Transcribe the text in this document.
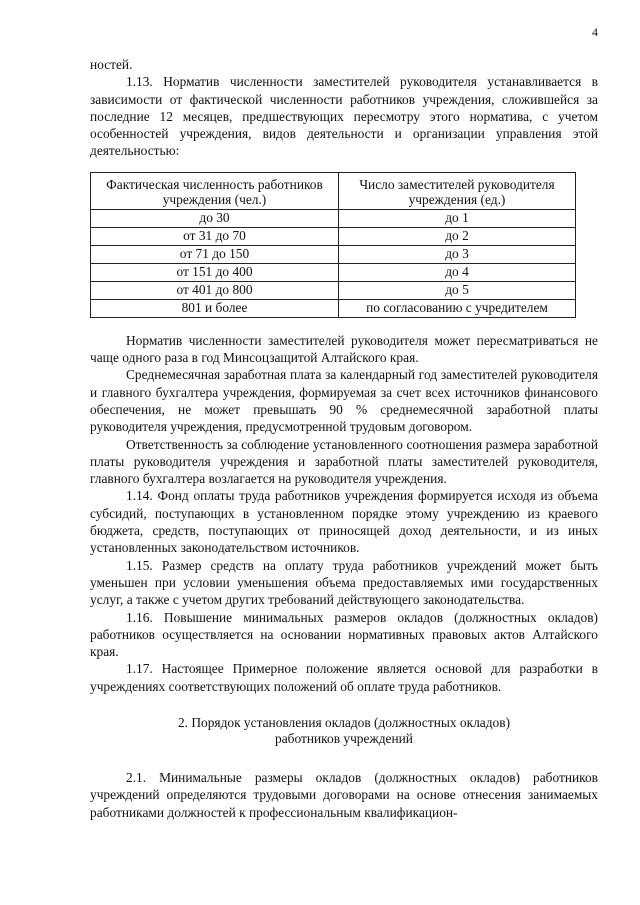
4

ностей.

1.13. Норматив численности заместителей руководителя устанавливается в зависимости от фактической численности работников учреждения, сложившейся за последние 12 месяцев, предшествующих пересмотру этого норматива, с учетом особенностей учреждения, видов деятельности и организации управления этой деятельностью:

Фактическая численность работников учреждения (чел.)	Число заместителей руководителя учреждения (ед.)
до 30	до 1
от 31 до 70	до 2
от 71 до 150	до 3
от 151 до 400	до 4
от 401 до 800	до 5
801 и более	по согласованию с учредителем

Норматив численности заместителей руководителя может пересматриваться не чаще одного раза в год Минсоцзащитой Алтайского края.

Среднемесячная заработная плата за календарный год заместителей руководителя и главного бухгалтера учреждения, формируемая за счет всех источников финансового обеспечения, не может превышать 90 % среднемесячной заработной платы руководителя учреждения, предусмотренной трудовым договором.

Ответственность за соблюдение установленного соотношения размера заработной платы руководителя учреждения и заработной платы заместителей руководителя, главного бухгалтера возлагается на руководителя учреждения.

1.14. Фонд оплаты труда работников учреждения формируется исходя из объема субсидий, поступающих в установленном порядке этому учреждению из краевого бюджета, средств, поступающих от приносящей доход деятельности, и из иных установленных законодательством источников.

1.15. Размер средств на оплату труда работников учреждений может быть уменьшен при условии уменьшения объема предоставляемых ими государственных услуг, а также с учетом других требований действующего законодательства.

1.16. Повышение минимальных размеров окладов (должностных окладов) работников осуществляется на основании нормативных правовых актов Алтайского края.

1.17. Настоящее Примерное положение является основой для разработки в учреждениях соответствующих положений об оплате труда работников.

2. Порядок установления окладов (должностных окладов)
работников учреждений

2.1. Минимальные размеры окладов (должностных окладов) работников учреждений определяются трудовыми договорами на основе отнесения занимаемых работниками должностей к профессиональным квалификацион-
